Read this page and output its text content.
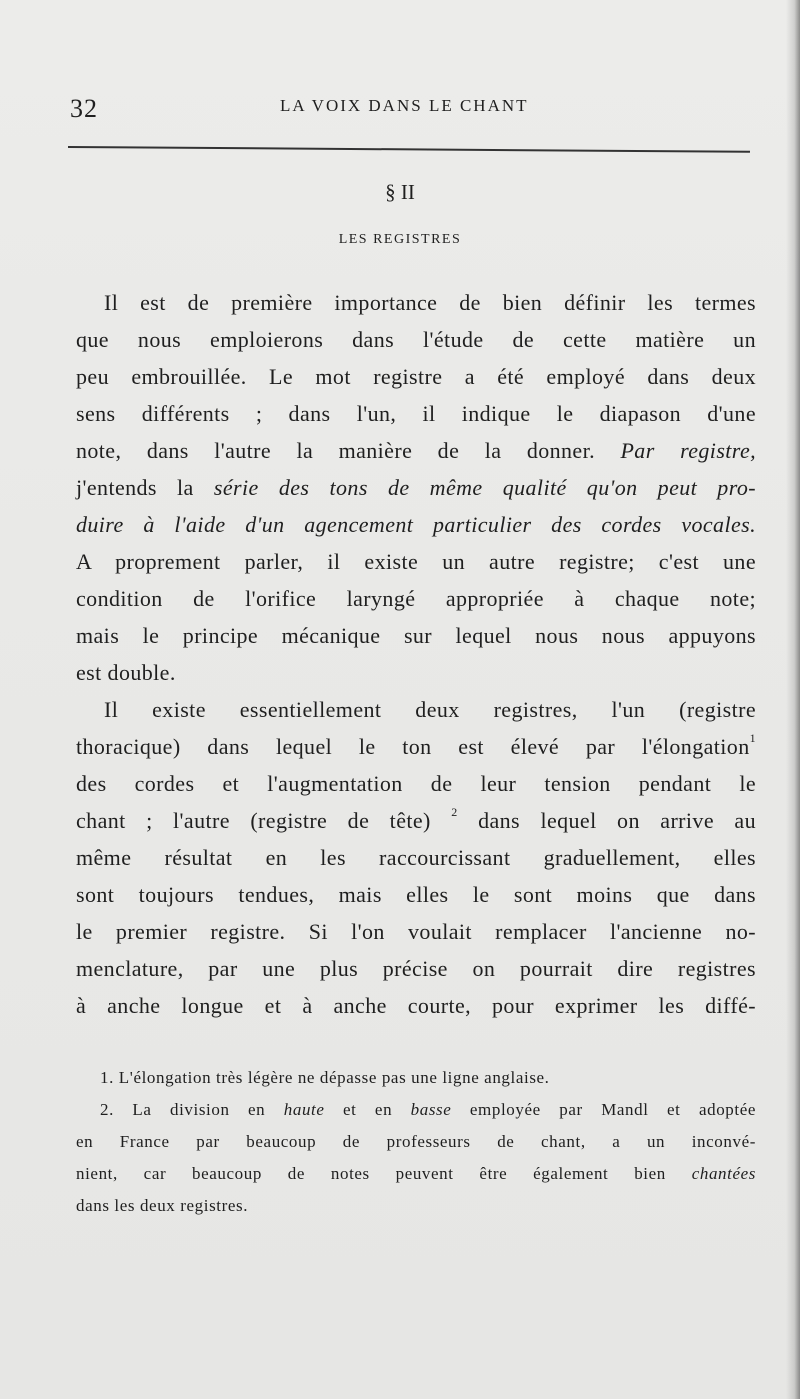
32	LA VOIX DANS LE CHANT
§ II
LES REGISTRES
Il est de première importance de bien définir les termes
que nous emploierons dans l'étude de cette matière un
peu embrouillée. Le mot registre a été employé dans deux
sens différents ; dans l'un, il indique le diapason d'une
note, dans l'autre la manière de la donner. Par registre,
j'entends la série des tons de même qualité qu'on peut pro-
duire à l'aide d'un agencement particulier des cordes vocales.
A proprement parler, il existe un autre registre; c'est une
condition de l'orifice laryngé appropriée à chaque note;
mais le principe mécanique sur lequel nous nous appuyons
est double.
Il existe essentiellement deux registres, l'un (registre
thoracique) dans lequel le ton est élevé par l'élongation$^1$
des cordes et l'augmentation de leur tension pendant le
chant ; l'autre (registre de tête) $^2$ dans lequel on arrive au
même résultat en les raccourcissant graduellement, elles
sont toujours tendues, mais elles le sont moins que dans
le premier registre. Si l'on voulait remplacer l'ancienne no-
menclature, par une plus précise on pourrait dire registres
à anche longue et à anche courte, pour exprimer les diffé-
1. L'élongation très légère ne dépasse pas une ligne anglaise.
2. La division en haute et en basse employée par Mandl et adoptée
en France par beaucoup de professeurs de chant, a un inconvé-
nient, car beaucoup de notes peuvent être également bien chantées
dans les deux registres.
